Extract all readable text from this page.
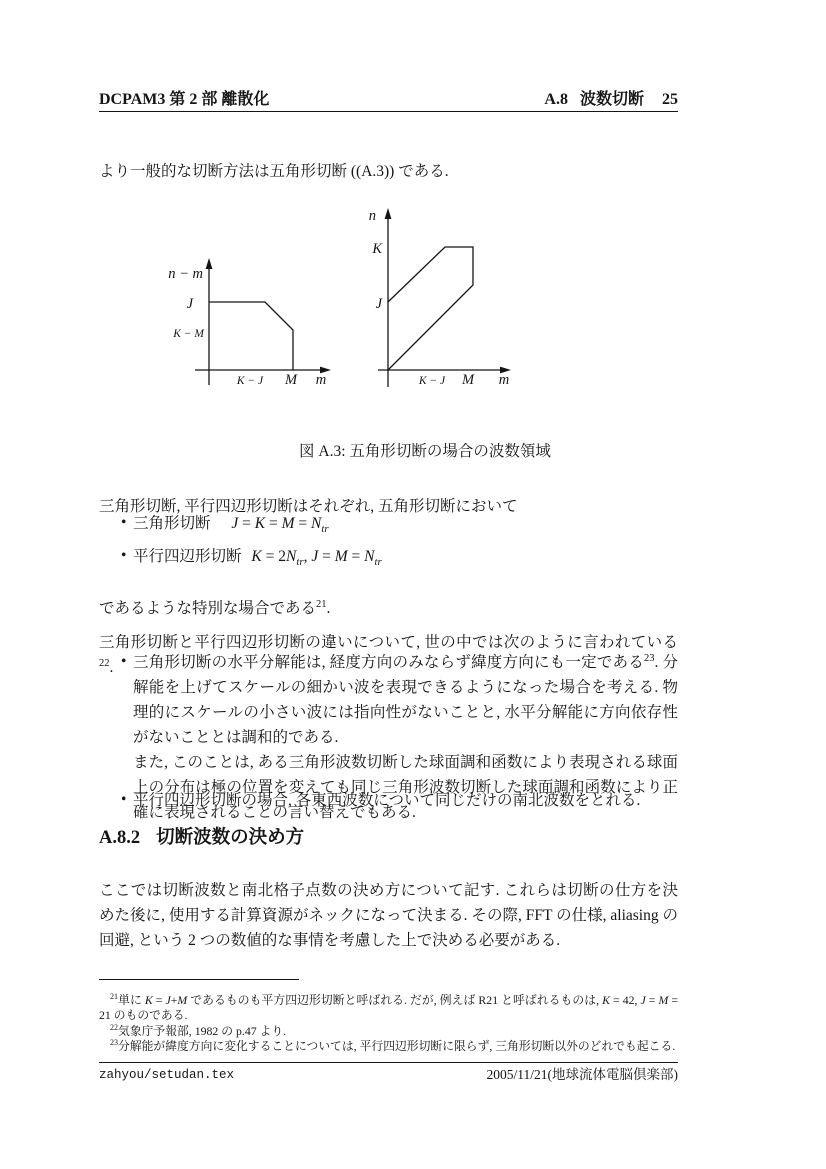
DCPAM3 第 2 部 離散化	A.8 波数切断 25

より一般的な切断方法は五角形切断 ((A.3)) である.

n − m
J
K − M
K − J M m
n
K
J
K − J M m
図 A.3: 五角形切断の場合の波数領域

三角形切断, 平行四辺形切断はそれぞれ, 五角形切断において

• 三角形切断 $J = K = M = N_{tr}$
• 平行四辺形切断 $K = 2N_{tr}$, $J = M = N_{tr}$

であるような特別な場合である$^{21}$.

三角形切断と平行四辺形切断の違いについて, 世の中では次のように言われている$^{22}$. • 三角形切断の水平分解能は, 経度方向のみならず緯度方向にも一定である$^{23}$. 分解能を上げてスケールの細かい波を表現できるようになった場合を考える. 物理的にスケールの小さい波には指向性がないことと, 水平分解能に方向依存性がないこととは調和的である.
また, このことは, ある三角形波数切断した球面調和函数により表現される球面上の分布は極の位置を変えても同じ三角形波数切断した球面調和函数により正確に表現されることの言い替えでもある.
• 平行四辺形切断の場合, 各東西波数について同じだけの南北波数をとれる.
A.8.2 切断波数の決め方

ここでは切断波数と南北格子点数の決め方について記す. これらは切断の仕方を決めた後に, 使用する計算資源がネックになって決まる. その際, FFT の仕様, aliasing の回避, という 2 つの数値的な事情を考慮した上で決める必要がある.

$^{21}$単に K = J+M であるものも平方四辺形切断と呼ばれる. だが, 例えば R21 と呼ばれるものは, K = 42, J = M = 21 のものである.

$^{22}$気象庁予報部, 1982 の p.47 より.

$^{23}$分解能が緯度方向に変化することについては, 平行四辺形切断に限らず, 三角形切断以外のどれでも起こる.

zahyou/setudan.tex	2005/11/21(地球流体電脳倶楽部)
